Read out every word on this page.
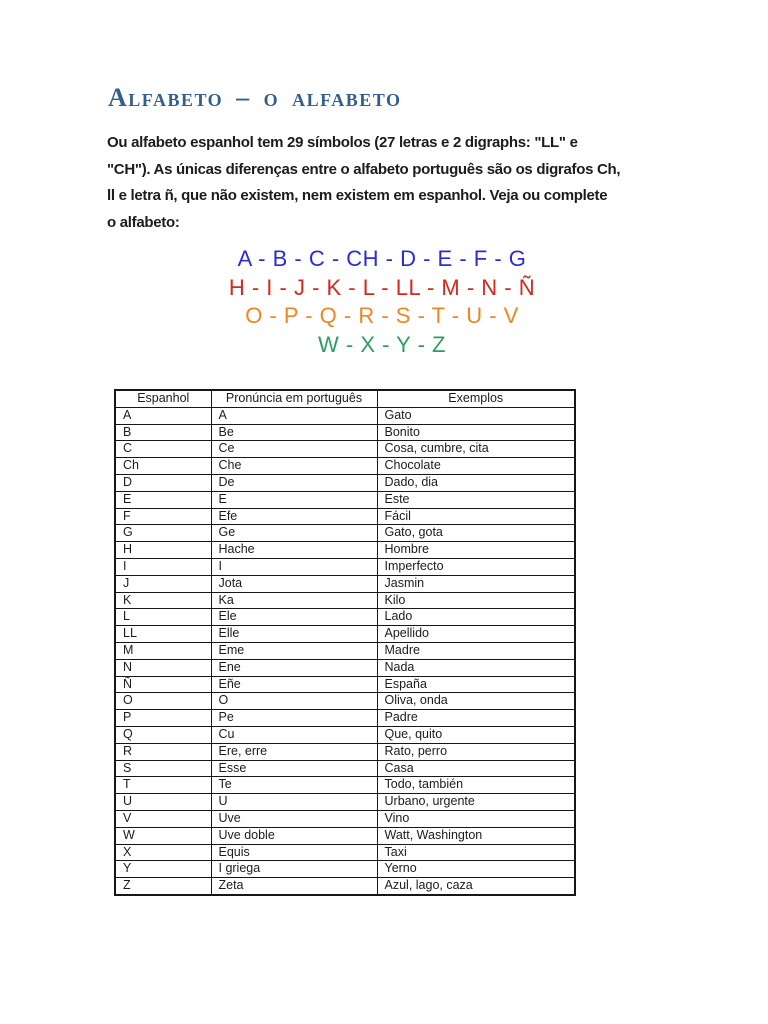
Alfabeto – o alfabeto
Ou alfabeto espanhol tem 29 símbolos (27 letras e 2 digraphs: "LL" e
"CH"). As únicas diferenças entre o alfabeto português são os digrafos Ch,
ll e letra ñ, que não existem, nem existem em espanhol. Veja ou complete
o alfabeto:
A - B - C - CH - D - E - F - G
H - I - J - K - L - LL - M - N - Ñ
O - P - Q - R - S - T - U - V
W - X - Y - Z
Espanhol	Pronúncia em português	Exemplos
A	A	Gato
B	Be	Bonito
C	Ce	Cosa, cumbre, cita
Ch	Che	Chocolate
D	De	Dado, dia
E	E	Este
F	Efe	Fácil
G	Ge	Gato, gota
H	Hache	Hombre
I	I	Imperfecto
J	Jota	Jasmin
K	Ka	Kilo
L	Ele	Lado
LL	Elle	Apellido
M	Eme	Madre
N	Ene	Nada
Ñ	Eñe	España
O	O	Oliva, onda
P	Pe	Padre
Q	Cu	Que, quito
R	Ere, erre	Rato, perro
S	Esse	Casa
T	Te	Todo, también
U	U	Urbano, urgente
V	Uve	Vino
W	Uve doble	Watt, Washington
X	Equis	Taxi
Y	I griega	Yerno
Z	Zeta	Azul, lago, caza
